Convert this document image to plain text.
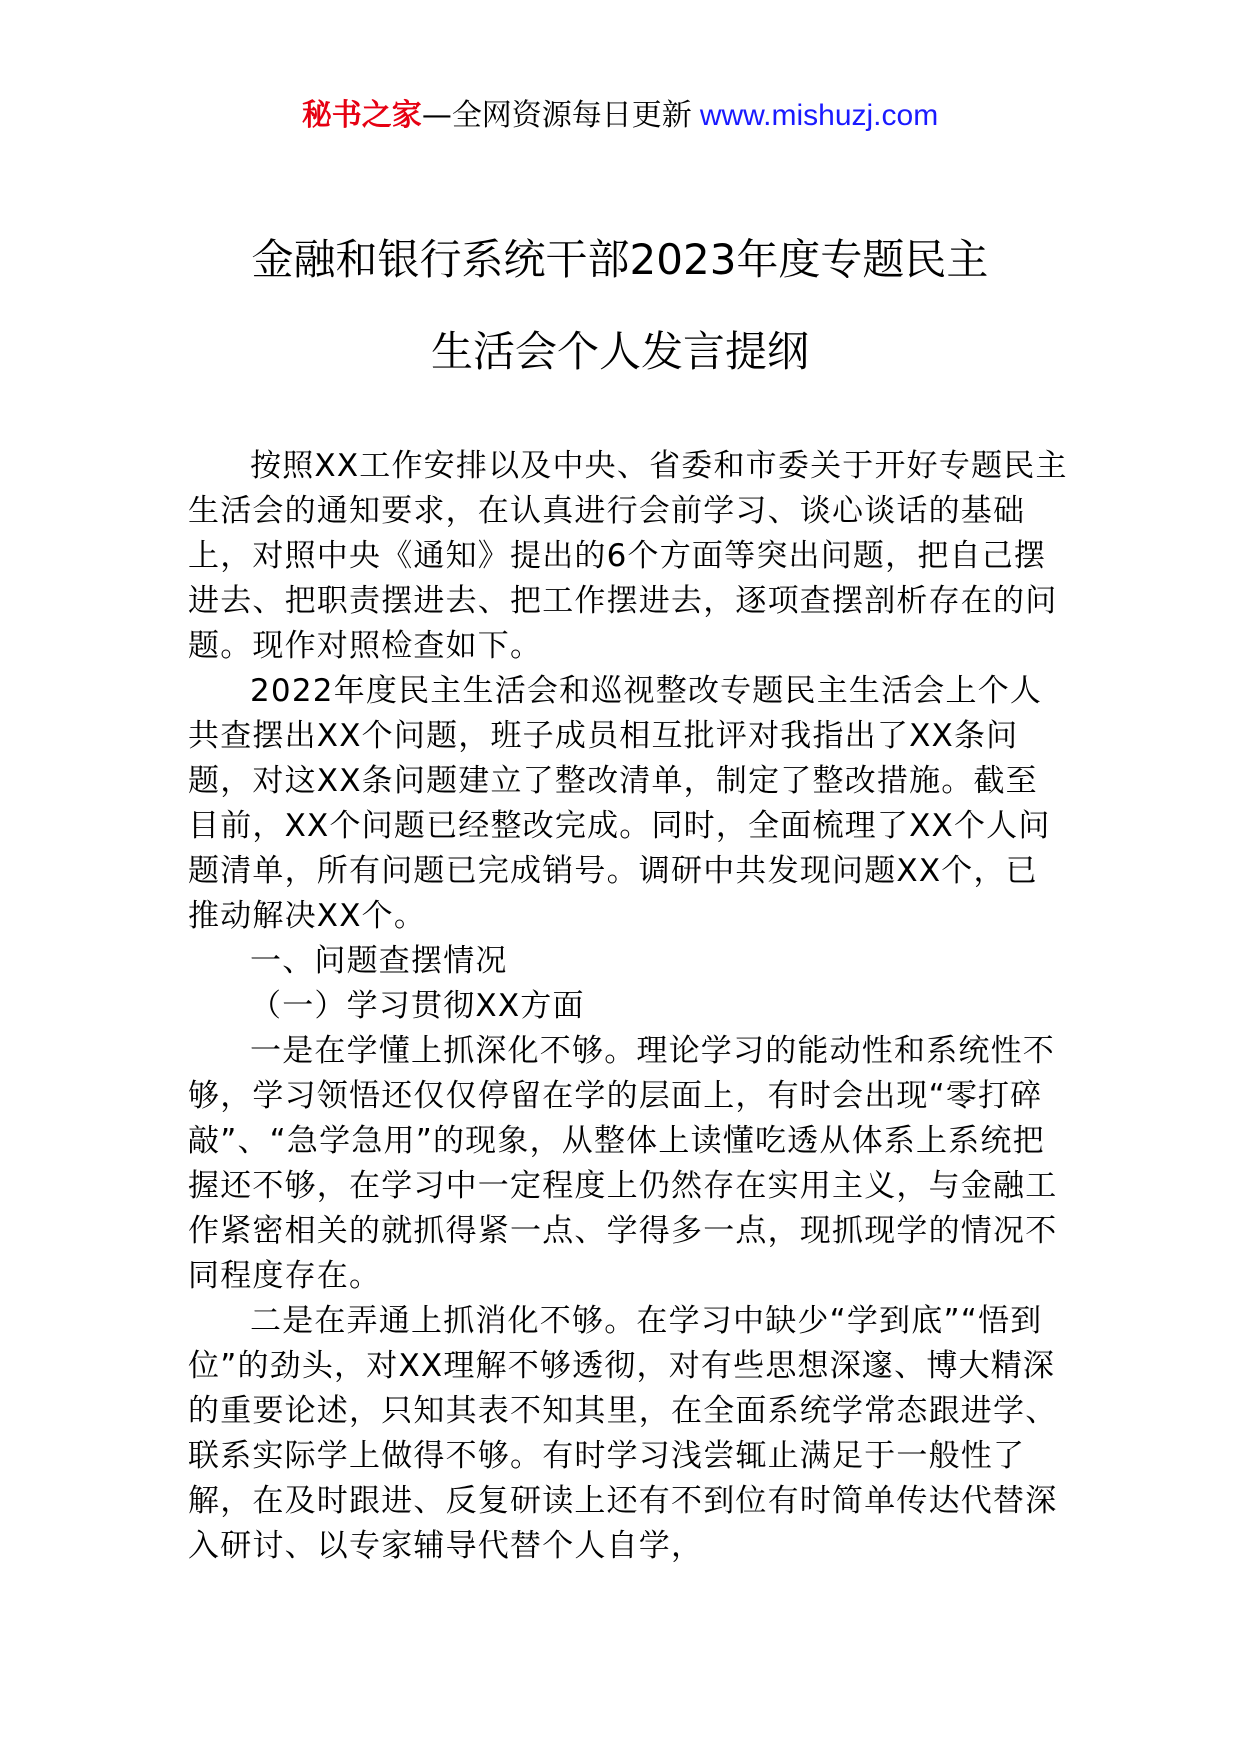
秘书之家—全网资源每日更新 www.mishuzj.com
金融和银行系统干部2023年度专题民主
生活会个人发言提纲

按照XX工作安排以及中央、省委和市委关于开好专题民主生活会的通知要求，在认真进行会前学习、谈心谈话的基础上，对照中央《通知》提出的6个方面等突出问题，把自己摆进去、把职责摆进去、把工作摆进去，逐项查摆剖析存在的问题。现作对照检查如下。

2022年度民主生活会和巡视整改专题民主生活会上个人共查摆出XX个问题，班子成员相互批评对我指出了XX条问题，对这XX条问题建立了整改清单，制定了整改措施。截至目前，XX个问题已经整改完成。同时，全面梳理了XX个人问题清单，所有问题已完成销号。调研中共发现问题XX个，已推动解决XX个。

一、问题查摆情况

（一）学习贯彻XX方面

一是在学懂上抓深化不够。理论学习的能动性和系统性不够，学习领悟还仅仅停留在学的层面上，有时会出现“零打碎敲”、“急学急用”的现象，从整体上读懂吃透从体系上系统把握还不够，在学习中一定程度上仍然存在实用主义，与金融工作紧密相关的就抓得紧一点、学得多一点，现抓现学的情况不同程度存在。

二是在弄通上抓消化不够。在学习中缺少“学到底”“悟到位”的劲头，对XX理解不够透彻，对有些思想深邃、博大精深的重要论述，只知其表不知其里，在全面系统学常态跟进学、联系实际学上做得不够。有时学习浅尝辄止满足于一般性了解，在及时跟进、反复研读上还有不到位有时简单传达代替深入研讨、以专家辅导代替个人自学，
